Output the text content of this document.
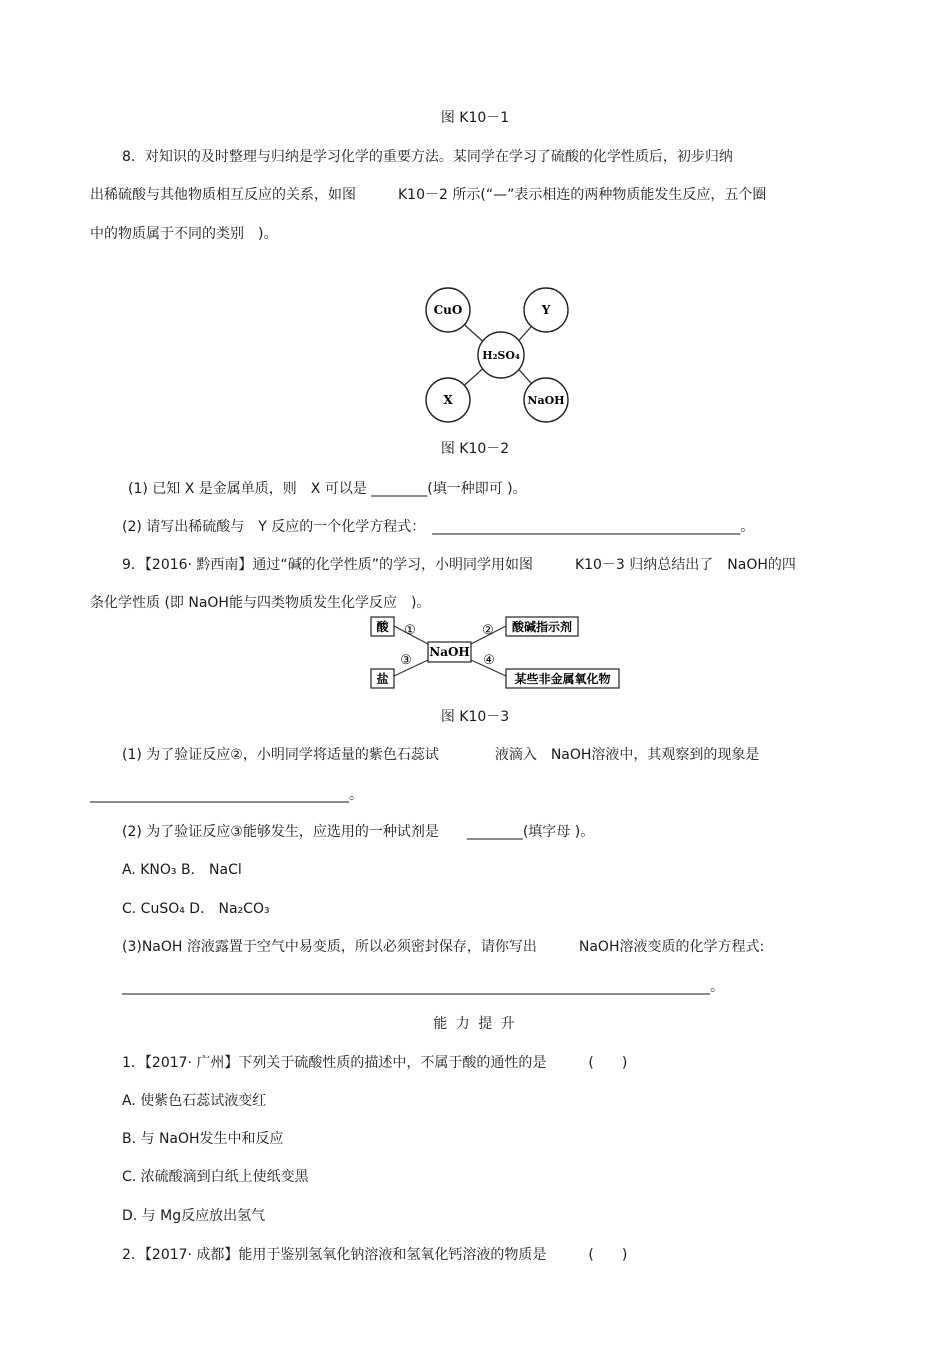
图 K10－1
8．对知识的及时整理与归纳是学习化学的重要方法。某同学在学习了硫酸的化学性质后，初步归纳
出稀硫酸与其他物质相互反应的关系，如图　　　K10－2 所示(“—”表示相连的两种物质能发生反应，五个圈
中的物质属于不同的类别　)。
CuO	Y
H₂SO₄
X	NaOH
图 K10－2
(1) 已知 X 是金属单质，则　X 可以是 ________(填一种即可 )。
(2) 请写出稀硫酸与　Y 反应的一个化学方程式：　____________________________________________。
9．【2016· 黔西南】通过“碱的化学性质”的学习，小明同学用如图　　　K10－3 归纳总结出了　NaOH的四
条化学性质 (即 NaOH能与四类物质发生化学反应　)。
酸	酸碱指示剂
NaOH
盐	某些非金属氧化物
①	②
③	④
图 K10－3
(1) 为了验证反应②，小明同学将适量的紫色石蕊试　　　　液滴入　NaOH溶液中，其观察到的现象是
_____________________________________。
(2) 为了验证反应③能够发生，应选用的一种试剂是　　________(填字母 )。
A. KNO₃ B． NaCl
C. CuSO₄ D． Na₂CO₃
(3)NaOH 溶液露置于空气中易变质，所以必须密封保存，请你写出　　　NaOH溶液变质的化学方程式:
____________________________________________________________________________________。
能 力 提 升
1．【2017· 广州】下列关于硫酸性质的描述中，不属于酸的通性的是　　　(　　)
A. 使紫色石蕊试液变红
B. 与 NaOH发生中和反应
C. 浓硫酸滴到白纸上使纸变黑
D. 与 Mg反应放出氢气
2．【2017· 成都】能用于鉴别氢氧化钠溶液和氢氧化钙溶液的物质是　　　(　　)
